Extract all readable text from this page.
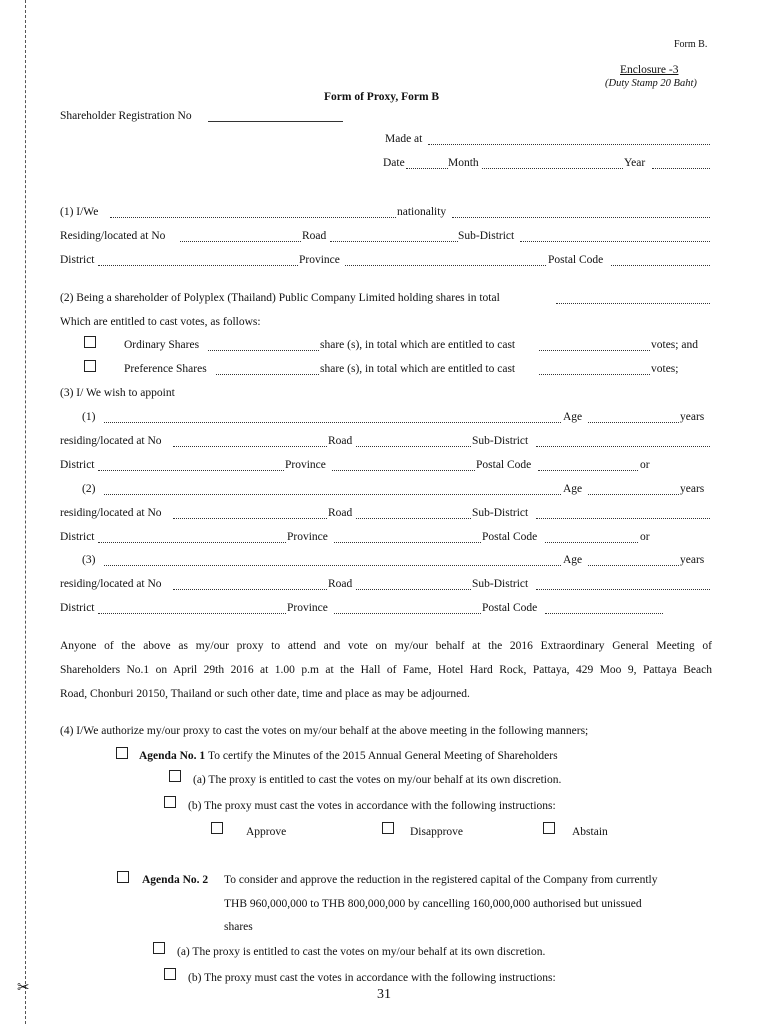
✂
Form B.
Enclosure -3
(Duty Stamp 20 Baht)
Form of Proxy, Form B
Shareholder Registration No
Made at
Date	Month	Year
(1) I/We	nationality
Residing/located at No	Road	Sub-District
District	Province	Postal Code
(2) Being a shareholder of Polyplex (Thailand) Public Company Limited holding shares in total
Which are entitled to cast votes, as follows:
Ordinary Shares	share (s), in total which are entitled to cast	votes; and
Preference Shares	share (s), in total which are entitled to cast	votes;
(3) I/ We wish to appoint
(1)	Age	years
residing/located at No	Road	Sub-District
District	Province	Postal Code	or
(2)	Age	years
residing/located at No	Road	Sub-District
District	Province	Postal Code	or
(3)	Age	years
residing/located at No	Road	Sub-District
District	Province	Postal Code
Anyone of the above as my/our proxy to attend and vote on my/our behalf at the 2016 Extraordinary General Meeting of
Shareholders No.1 on April 29th 2016 at 1.00 p.m at the Hall of Fame, Hotel Hard Rock, Pattaya, 429 Moo 9, Pattaya Beach
Road, Chonburi 20150, Thailand or such other date, time and place as may be adjourned.
(4) I/We authorize my/our proxy to cast the votes on my/our behalf at the above meeting in the following manners;
Agenda No. 1 To certify the Minutes of the 2015 Annual General Meeting of Shareholders
(a) The proxy is entitled to cast the votes on my/our behalf at its own discretion.
(b) The proxy must cast the votes in accordance with the following instructions:
Approve	Disapprove	Abstain
Agenda No. 2 To consider and approve the reduction in the registered capital of the Company from currently
THB 960,000,000 to THB 800,000,000 by cancelling 160,000,000 authorised but unissued
shares
(a) The proxy is entitled to cast the votes on my/our behalf at its own discretion.
(b) The proxy must cast the votes in accordance with the following instructions:
31
